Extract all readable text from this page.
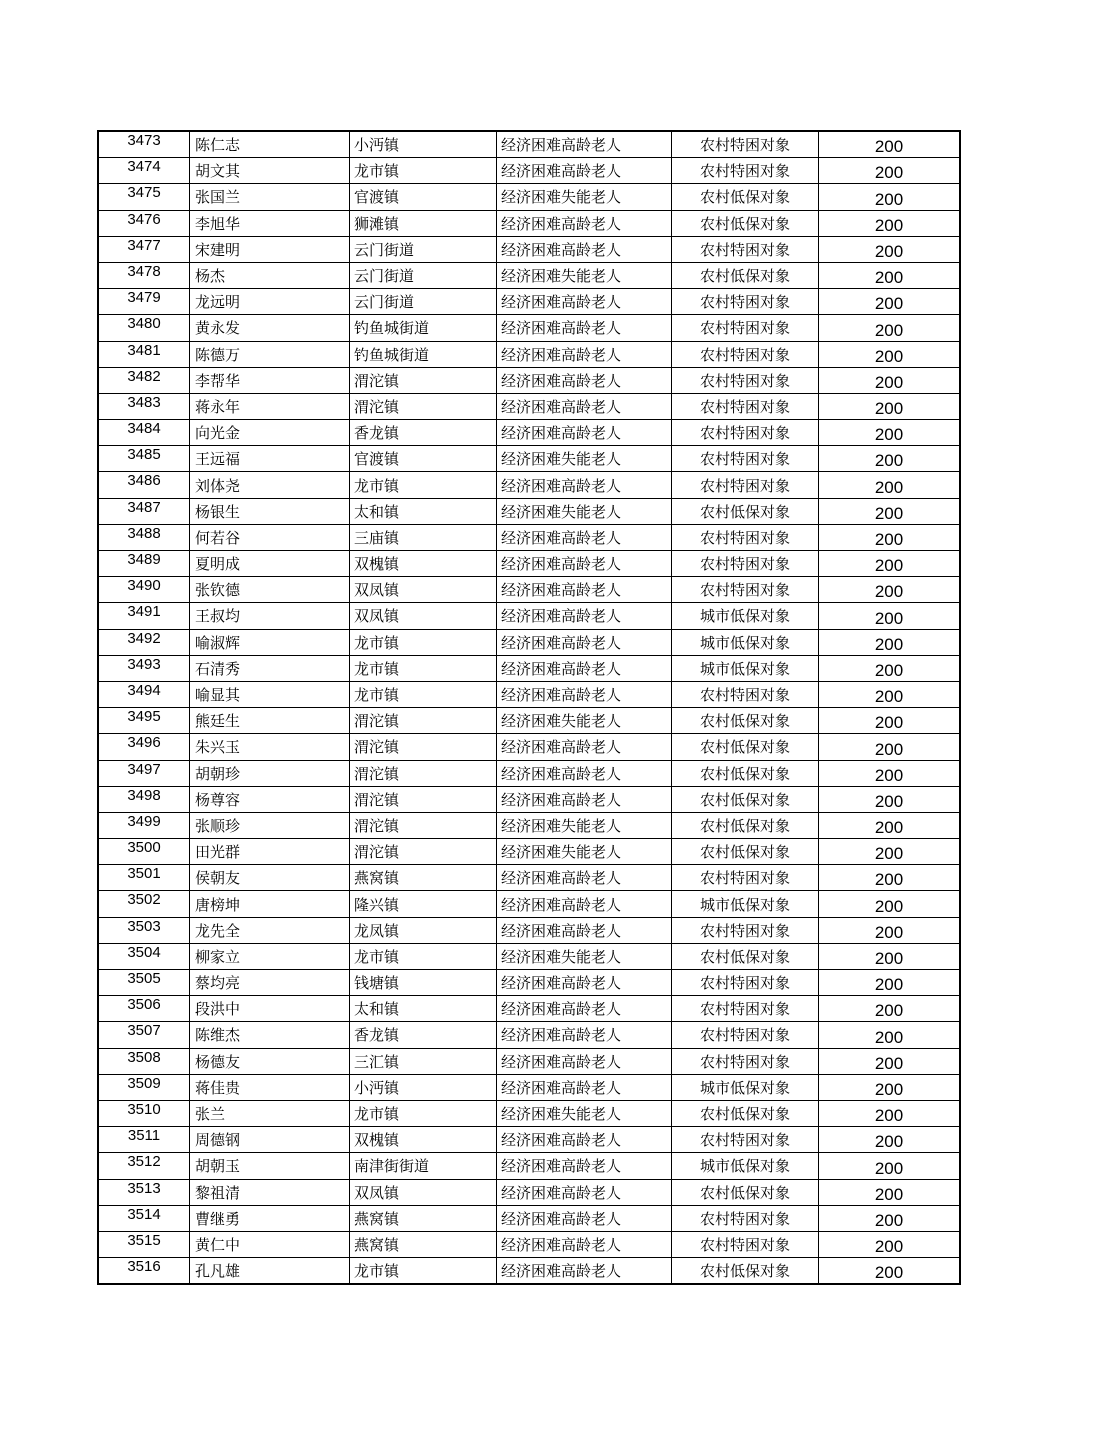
3473	陈仁志	小沔镇	经济困难高龄老人	农村特困对象	200
3474	胡文其	龙市镇	经济困难高龄老人	农村特困对象	200
3475	张国兰	官渡镇	经济困难失能老人	农村低保对象	200
3476	李旭华	狮滩镇	经济困难高龄老人	农村低保对象	200
3477	宋建明	云门街道	经济困难高龄老人	农村特困对象	200
3478	杨杰	云门街道	经济困难失能老人	农村低保对象	200
3479	龙远明	云门街道	经济困难高龄老人	农村特困对象	200
3480	黄永发	钓鱼城街道	经济困难高龄老人	农村特困对象	200
3481	陈德万	钓鱼城街道	经济困难高龄老人	农村特困对象	200
3482	李帮华	渭沱镇	经济困难高龄老人	农村特困对象	200
3483	蒋永年	渭沱镇	经济困难高龄老人	农村特困对象	200
3484	向光金	香龙镇	经济困难高龄老人	农村特困对象	200
3485	王远福	官渡镇	经济困难失能老人	农村特困对象	200
3486	刘体尧	龙市镇	经济困难高龄老人	农村特困对象	200
3487	杨银生	太和镇	经济困难失能老人	农村低保对象	200
3488	何若谷	三庙镇	经济困难高龄老人	农村特困对象	200
3489	夏明成	双槐镇	经济困难高龄老人	农村特困对象	200
3490	张钦德	双凤镇	经济困难高龄老人	农村特困对象	200
3491	王叔均	双凤镇	经济困难高龄老人	城市低保对象	200
3492	喻淑辉	龙市镇	经济困难高龄老人	城市低保对象	200
3493	石清秀	龙市镇	经济困难高龄老人	城市低保对象	200
3494	喻显其	龙市镇	经济困难高龄老人	农村特困对象	200
3495	熊廷生	渭沱镇	经济困难失能老人	农村低保对象	200
3496	朱兴玉	渭沱镇	经济困难高龄老人	农村低保对象	200
3497	胡朝珍	渭沱镇	经济困难高龄老人	农村低保对象	200
3498	杨尊容	渭沱镇	经济困难高龄老人	农村低保对象	200
3499	张顺珍	渭沱镇	经济困难失能老人	农村低保对象	200
3500	田光群	渭沱镇	经济困难失能老人	农村低保对象	200
3501	侯朝友	燕窝镇	经济困难高龄老人	农村特困对象	200
3502	唐榜坤	隆兴镇	经济困难高龄老人	城市低保对象	200
3503	龙先全	龙凤镇	经济困难高龄老人	农村特困对象	200
3504	柳家立	龙市镇	经济困难失能老人	农村低保对象	200
3505	蔡均亮	钱塘镇	经济困难高龄老人	农村特困对象	200
3506	段洪中	太和镇	经济困难高龄老人	农村特困对象	200
3507	陈维杰	香龙镇	经济困难高龄老人	农村特困对象	200
3508	杨德友	三汇镇	经济困难高龄老人	农村特困对象	200
3509	蒋佳贵	小沔镇	经济困难高龄老人	城市低保对象	200
3510	张兰	龙市镇	经济困难失能老人	农村低保对象	200
3511	周德钢	双槐镇	经济困难高龄老人	农村特困对象	200
3512	胡朝玉	南津街街道	经济困难高龄老人	城市低保对象	200
3513	黎祖清	双凤镇	经济困难高龄老人	农村低保对象	200
3514	曹继勇	燕窝镇	经济困难高龄老人	农村特困对象	200
3515	黄仁中	燕窝镇	经济困难高龄老人	农村特困对象	200
3516	孔凡雄	龙市镇	经济困难高龄老人	农村低保对象	200
